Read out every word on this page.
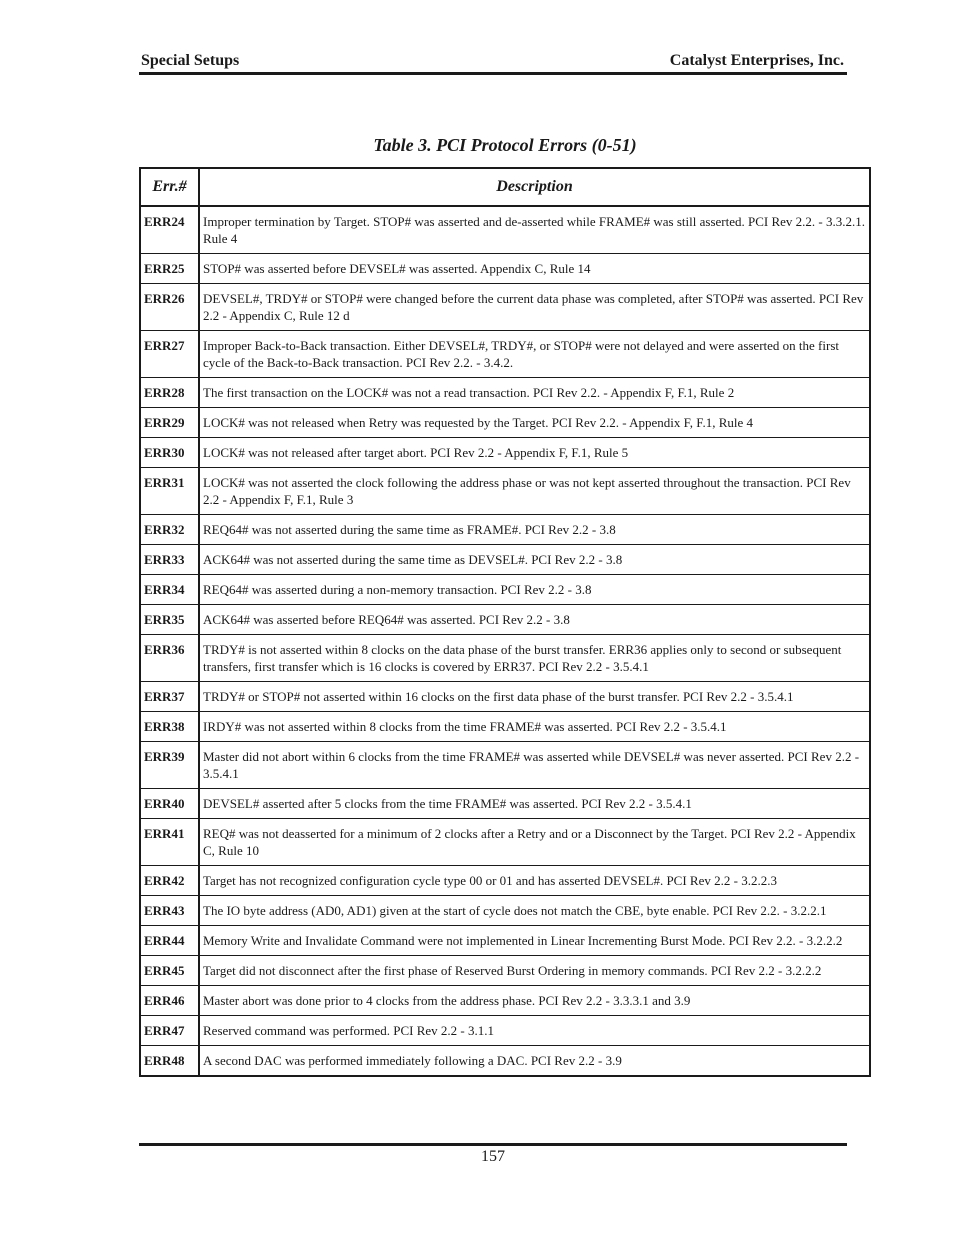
Special Setups	Catalyst Enterprises, Inc.
Table 3. PCI Protocol Errors (0-51)
Err.#	Description
ERR24	Improper termination by Target. STOP# was asserted and de-asserted while FRAME# was still asserted. PCI Rev 2.2. - 3.3.2.1. Rule 4
ERR25	STOP# was asserted before DEVSEL# was asserted. Appendix C, Rule 14
ERR26	DEVSEL#, TRDY# or STOP# were changed before the current data phase was completed, after STOP# was asserted. PCI Rev 2.2 - Appendix C, Rule 12 d
ERR27	Improper Back-to-Back transaction. Either DEVSEL#, TRDY#, or STOP# were not delayed and were asserted on the first cycle of the Back-to-Back transaction. PCI Rev 2.2. - 3.4.2.
ERR28	The first transaction on the LOCK# was not a read transaction. PCI Rev 2.2. - Appendix F, F.1, Rule 2
ERR29	LOCK# was not released when Retry was requested by the Target. PCI Rev 2.2. - Appendix F, F.1, Rule 4
ERR30	LOCK# was not released after target abort. PCI Rev 2.2 - Appendix F, F.1, Rule 5
ERR31	LOCK# was not asserted the clock following the address phase or was not kept asserted throughout the transaction. PCI Rev 2.2 - Appendix F, F.1, Rule 3
ERR32	REQ64# was not asserted during the same time as FRAME#. PCI Rev 2.2 - 3.8
ERR33	ACK64# was not asserted during the same time as DEVSEL#. PCI Rev 2.2 - 3.8
ERR34	REQ64# was asserted during a non-memory transaction. PCI Rev 2.2 - 3.8
ERR35	ACK64# was asserted before REQ64# was asserted. PCI Rev 2.2 - 3.8
ERR36	TRDY# is not asserted within 8 clocks on the data phase of the burst transfer. ERR36 applies only to second or subsequent transfers, first transfer which is 16 clocks is covered by ERR37. PCI Rev 2.2 - 3.5.4.1
ERR37	TRDY# or STOP# not asserted within 16 clocks on the first data phase of the burst transfer. PCI Rev 2.2 - 3.5.4.1
ERR38	IRDY# was not asserted within 8 clocks from the time FRAME# was asserted. PCI Rev 2.2 - 3.5.4.1
ERR39	Master did not abort within 6 clocks from the time FRAME# was asserted while DEVSEL# was never asserted. PCI Rev 2.2 - 3.5.4.1
ERR40	DEVSEL# asserted after 5 clocks from the time FRAME# was asserted. PCI Rev 2.2 - 3.5.4.1
ERR41	REQ# was not deasserted for a minimum of 2 clocks after a Retry and or a Disconnect by the Target. PCI Rev 2.2 - Appendix C, Rule 10
ERR42	Target has not recognized configuration cycle type 00 or 01 and has asserted DEVSEL#. PCI Rev 2.2 - 3.2.2.3
ERR43	The IO byte address (AD0, AD1) given at the start of cycle does not match the CBE, byte enable. PCI Rev 2.2. - 3.2.2.1
ERR44	Memory Write and Invalidate Command were not implemented in Linear Incrementing Burst Mode. PCI Rev 2.2. - 3.2.2.2
ERR45	Target did not disconnect after the first phase of Reserved Burst Ordering in memory commands. PCI Rev 2.2 - 3.2.2.2
ERR46	Master abort was done prior to 4 clocks from the address phase. PCI Rev 2.2 - 3.3.3.1 and 3.9
ERR47	Reserved command was performed. PCI Rev 2.2 - 3.1.1
ERR48	A second DAC was performed immediately following a DAC. PCI Rev 2.2 - 3.9
157
